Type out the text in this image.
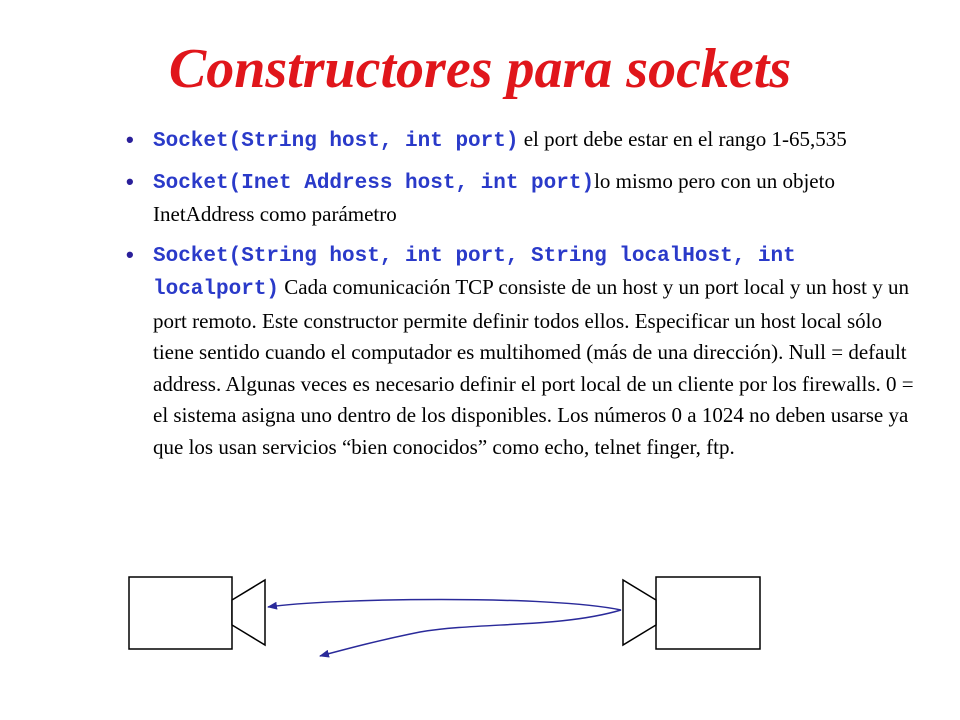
Constructores para sockets
• Socket(String host, int port) el port debe estar en el rango 1-65,535
• Socket(Inet Address host, int port)lo mismo pero con un objeto InetAddress como parámetro
• Socket(String host, int port, String localHost, int localport) Cada comunicación TCP consiste de un host y un port local y un host y un port remoto. Este constructor permite definir todos ellos. Especificar un host local sólo tiene sentido cuando el computador es multihomed (más de una dirección). Null = default address. Algunas veces es necesario definir el port local de un cliente por los firewalls. 0 = el sistema asigna uno dentro de los disponibles. Los números 0 a 1024 no deben usarse ya que los usan servicios “bien conocidos” como echo, telnet finger, ftp.
